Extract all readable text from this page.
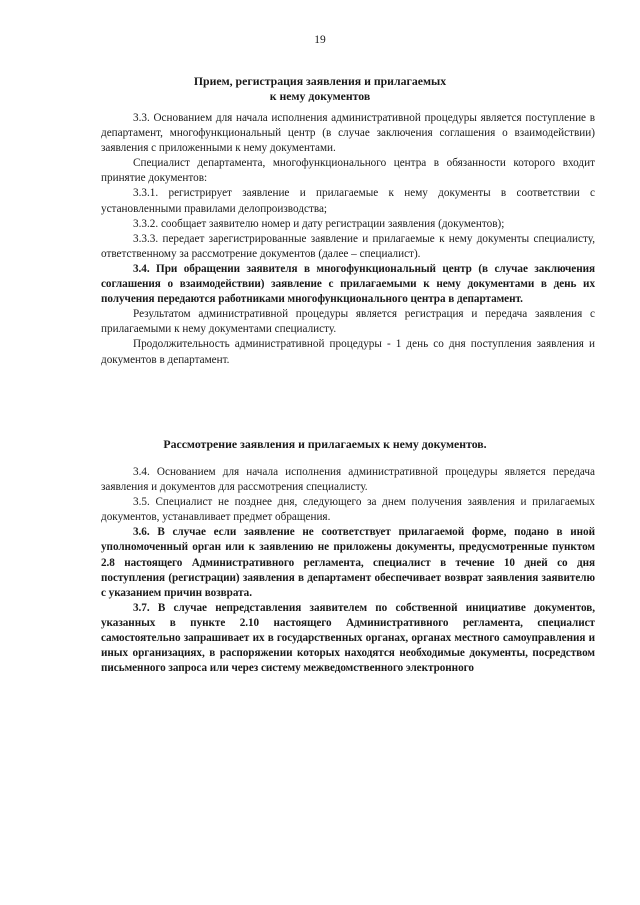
19
Прием, регистрация заявления и прилагаемых
к нему документов

3.3. Основанием для начала исполнения административной процедуры является поступление в департамент, многофункциональный центр (в случае заключения соглашения о взаимодействии) заявления с приложенными к нему документами.

Специалист департамента, многофункционального центра в обязанности которого входит принятие документов:

3.3.1. регистрирует заявление и прилагаемые к нему документы в соответствии с установленными правилами делопроизводства;

3.3.2. сообщает заявителю номер и дату регистрации заявления (документов);

3.3.3. передает зарегистрированные заявление и прилагаемые к нему документы специалисту, ответственному за рассмотрение документов (далее – специалист).

3.4. При обращении заявителя в многофункциональный центр (в случае заключения соглашения о взаимодействии) заявление с прилагаемыми к нему документами в день их получения передаются работниками многофункционального центра в департамент.

Результатом административной процедуры является регистрация и передача заявления с прилагаемыми к нему документами специалисту.

Продолжительность административной процедуры - 1 день со дня поступления заявления и документов в департамент.

Рассмотрение заявления и прилагаемых к нему документов.

3.4. Основанием для начала исполнения административной процедуры является передача заявления и документов для рассмотрения специалисту.

3.5. Специалист не позднее дня, следующего за днем получения заявления и прилагаемых документов, устанавливает предмет обращения.

3.6. В случае если заявление не соответствует прилагаемой форме, подано в иной уполномоченный орган или к заявлению не приложены документы, предусмотренные пунктом 2.8 настоящего Административного регламента, специалист в течение 10 дней со дня поступления (регистрации) заявления в департамент обеспечивает возврат заявления заявителю с указанием причин возврата.

3.7. В случае непредставления заявителем по собственной инициативе документов, указанных в пункте 2.10 настоящего Административного регламента, специалист самостоятельно запрашивает их в государственных органах, органах местного самоуправления и иных организациях, в распоряжении которых находятся необходимые документы, посредством письменного запроса или через систему межведомственного электронного
